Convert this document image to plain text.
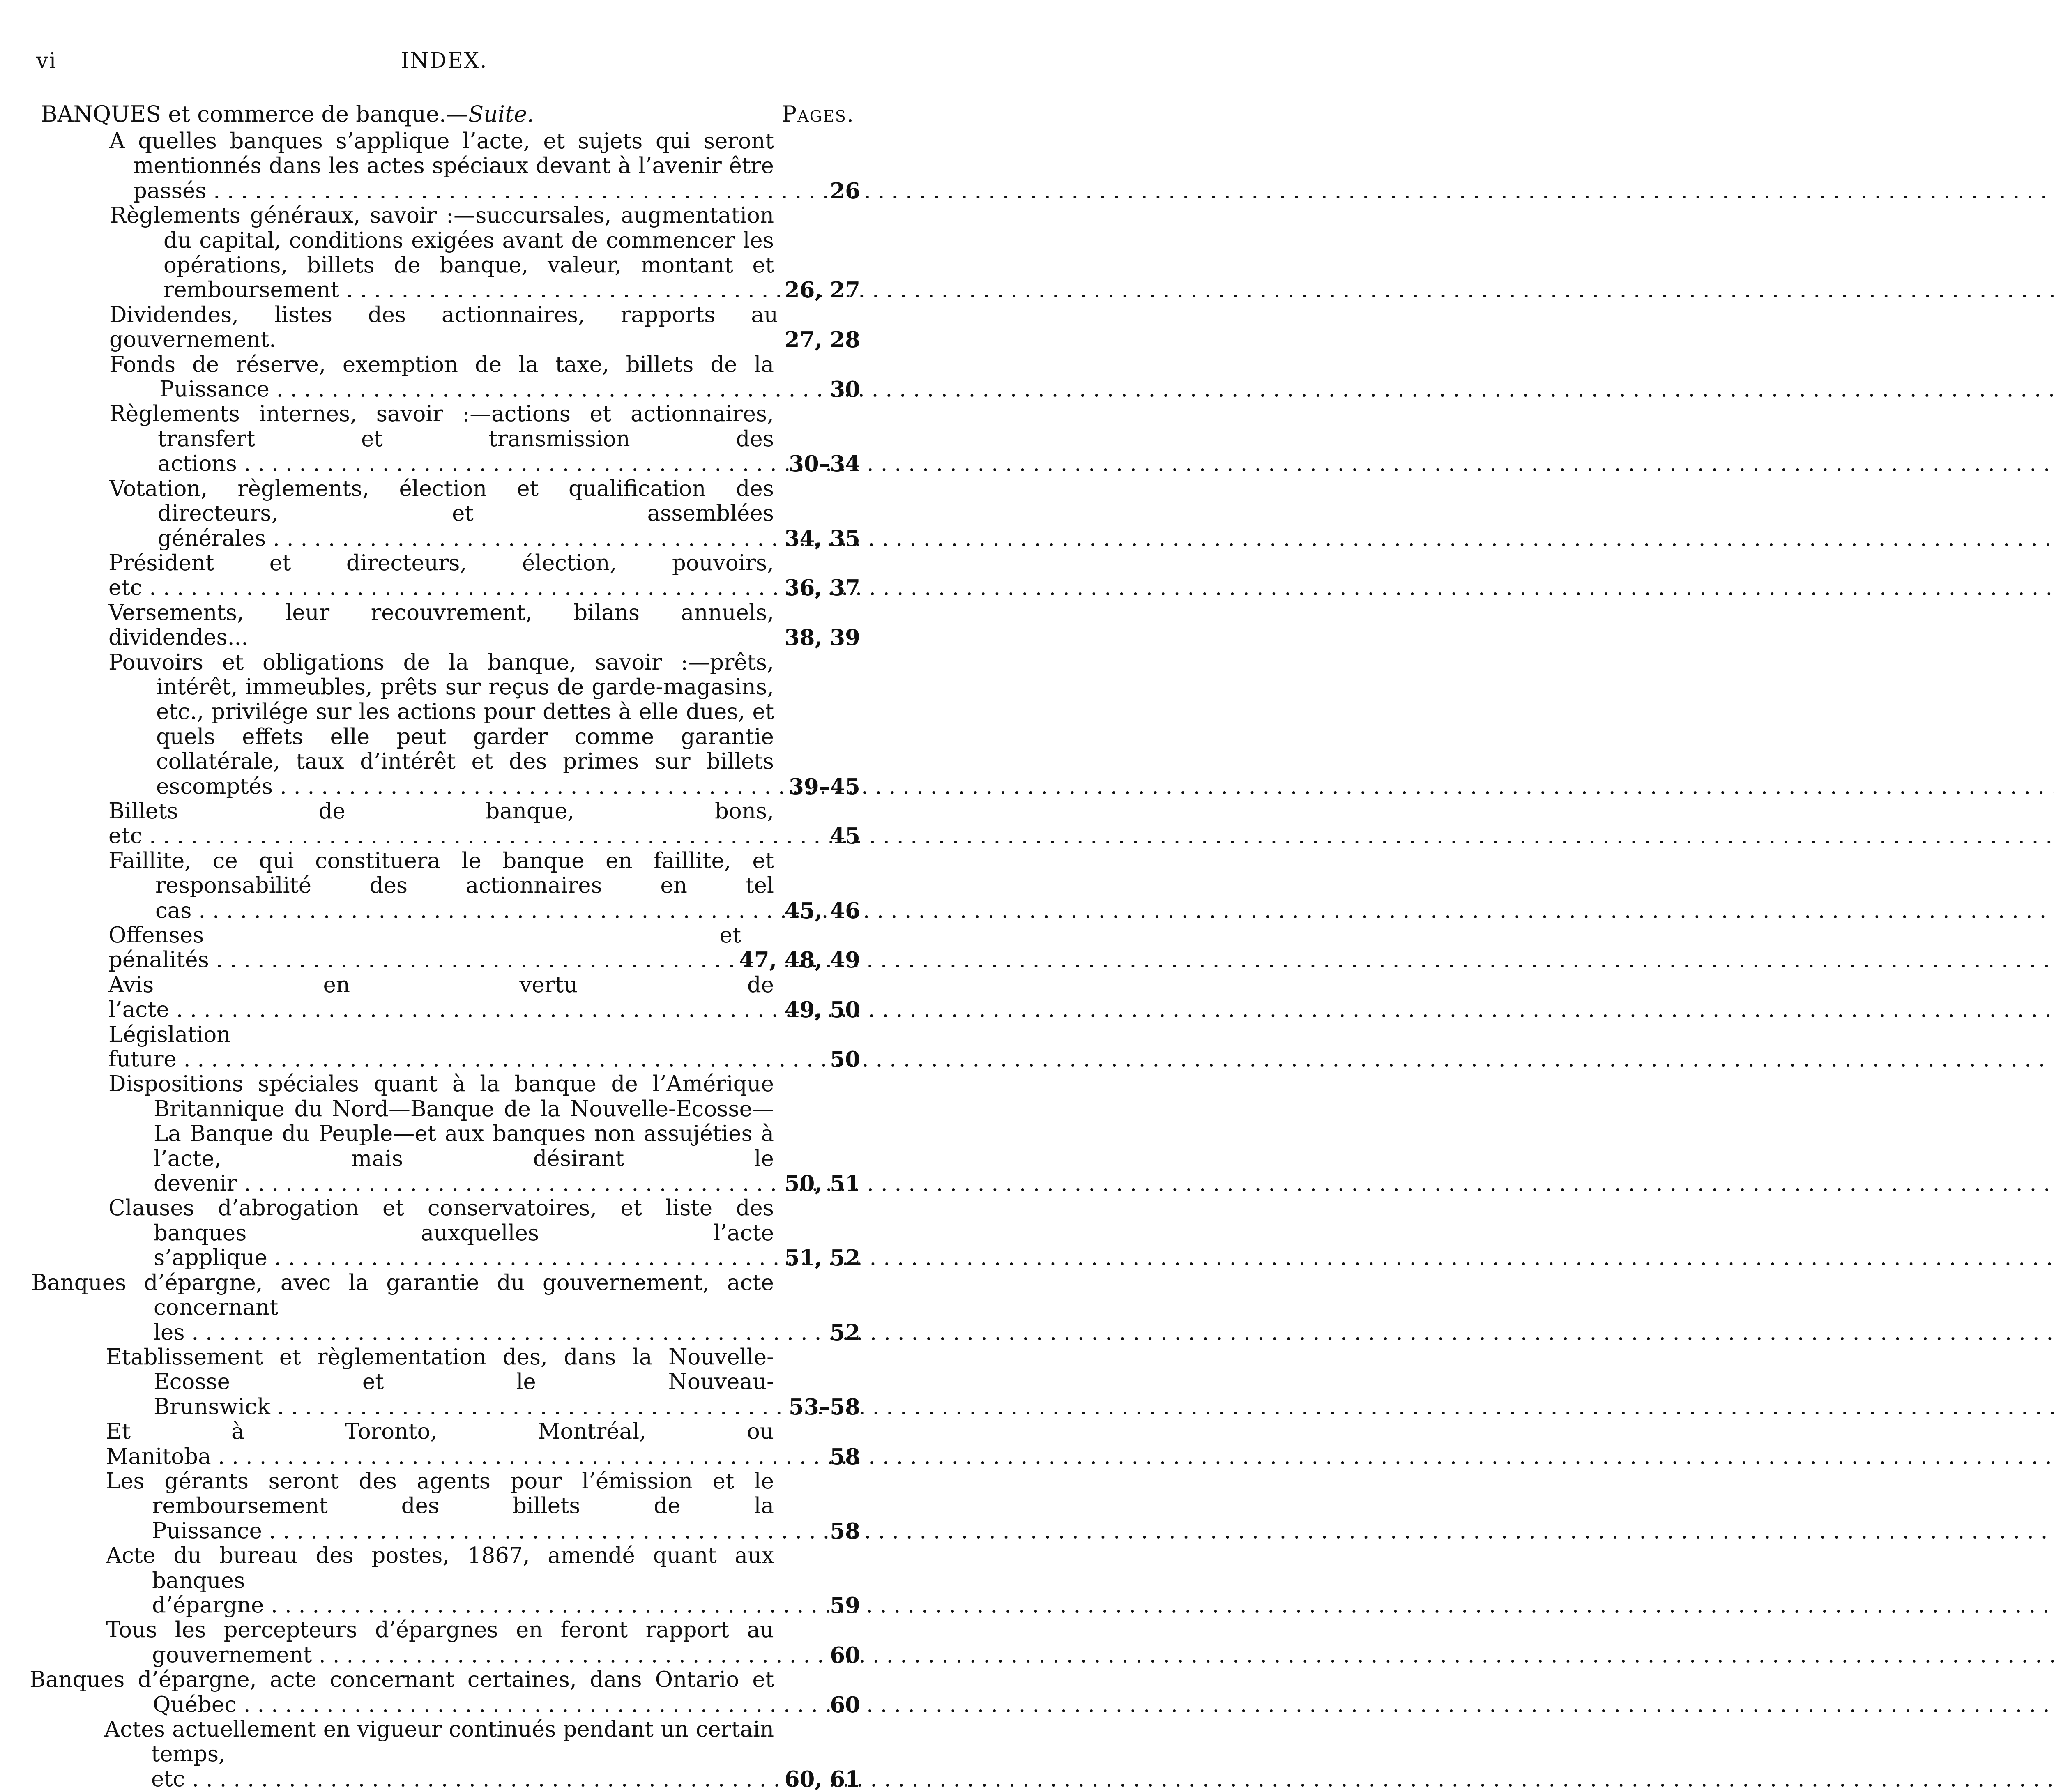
vi	INDEX.
BANQUES et commerce de banque.—Suite.	Pages.
A quelles banques s’applique l’acte, et sujets qui seront mentionnés dans les actes spéciaux devant à l’avenir être passés . . .	26
Règlements généraux, savoir :—succursales, augmentation du capital, conditions exigées avant de commencer les opérations, billets de banque, valeur, montant et remboursement . . .	26, 27
Dividendes, listes des actionnaires, rapports au gouvernement.	27, 28
Fonds de réserve, exemption de la taxe, billets de la Puissance . . .	30
Règlements internes, savoir :—actions et actionnaires, transfert et transmission des actions . . .	30–34
Votation, règlements, élection et qualification des directeurs, et assemblées générales . . .	34, 35
Président et directeurs, élection, pouvoirs, etc . . .	36, 37
Versements, leur recouvrement, bilans annuels, dividendes...	38, 39
Pouvoirs et obligations de la banque, savoir :—prêts, intérêt, immeubles, prêts sur reçus de garde-magasins, etc., privilége sur les actions pour dettes à elle dues, et quels effets elle peut garder comme garantie collatérale, taux d’intérêt et des primes sur billets escomptés . . .	39–45
Billets de banque, bons, etc . . .	45
Faillite, ce qui constituera le banque en faillite, et responsabilité des actionnaires en tel cas . . .	45, 46
Offenses et pénalités . . .	47, 48, 49
Avis en vertu de l’acte . . .	49, 50
Législation future . . .	50
Dispositions spéciales quant à la banque de l’Amérique Britannique du Nord—Banque de la Nouvelle-Ecosse—La Banque du Peuple—et aux banques non assujéties à l’acte, mais désirant le devenir . . .	50, 51
Clauses d’abrogation et conservatoires, et liste des banques auxquelles l’acte s’applique . . .	51, 52
Banques d’épargne, avec la garantie du gouvernement, acte concernant les . . .	52
Etablissement et règlementation des, dans la Nouvelle-Ecosse et le Nouveau-Brunswick . . .	53–58
Et à Toronto, Montréal, ou Manitoba . . .	58
Les gérants seront des agents pour l’émission et le remboursement des billets de la Puissance . . .	58
Acte du bureau des postes, 1867, amendé quant aux banques d’épargne . . .	59
Tous les percepteurs d’épargnes en feront rapport au gouvernement . . .	60
Banques d’épargne, acte concernant certaines, dans Ontario et Québec . . .	60
Actes actuellement en vigueur continués pendant un certain temps, etc . . .	60, 61
